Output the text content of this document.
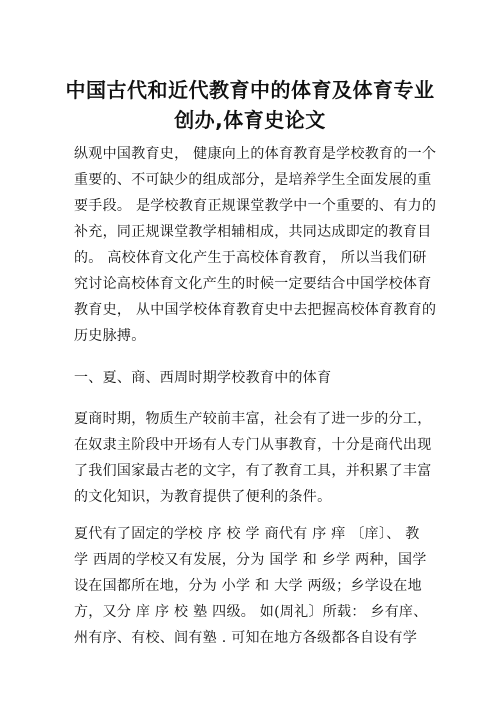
中国古代和近代教育中的体育及体育专业
创办,体育史论文
纵观中国教育史， 健康向上的体育教育是学校教育的一个
重要的、不可缺少的组成部分，是培养学生全面发展的重
要手段。 是学校教育正规课堂教学中一个重要的、有力的
补充，同正规课堂教学相辅相成，共同达成即定的教育目
的。 高校体育文化产生于高校体育教育， 所以当我们研
究讨论高校体育文化产生的时候一定要结合中国学校体育
教育史， 从中国学校体育教育史中去把握高校体育教育的
历史脉搏。
一、夏、商、西周时期学校教育中的体育
夏商时期，物质生产较前丰富，社会有了进一步的分工，
在奴隶主阶段中开场有人专门从事教育，十分是商代出现
了我们国家最古老的文字，有了教育工具，并积累了丰富
的文化知识，为教育提供了便利的条件。
夏代有了固定的学校 序 校 学 商代有 序 痒 〔庠〕、 教
学 西周的学校又有发展，分为 国学 和 乡学 两种，国学
设在国都所在地，分为 小学 和 大学 两级；乡学设在地
方，又分 庠 序 校 塾 四级。 如(周礼〕所载： 乡有庠、
州有序、有校、闾有塾 . 可知在地方各级都各自设有学
